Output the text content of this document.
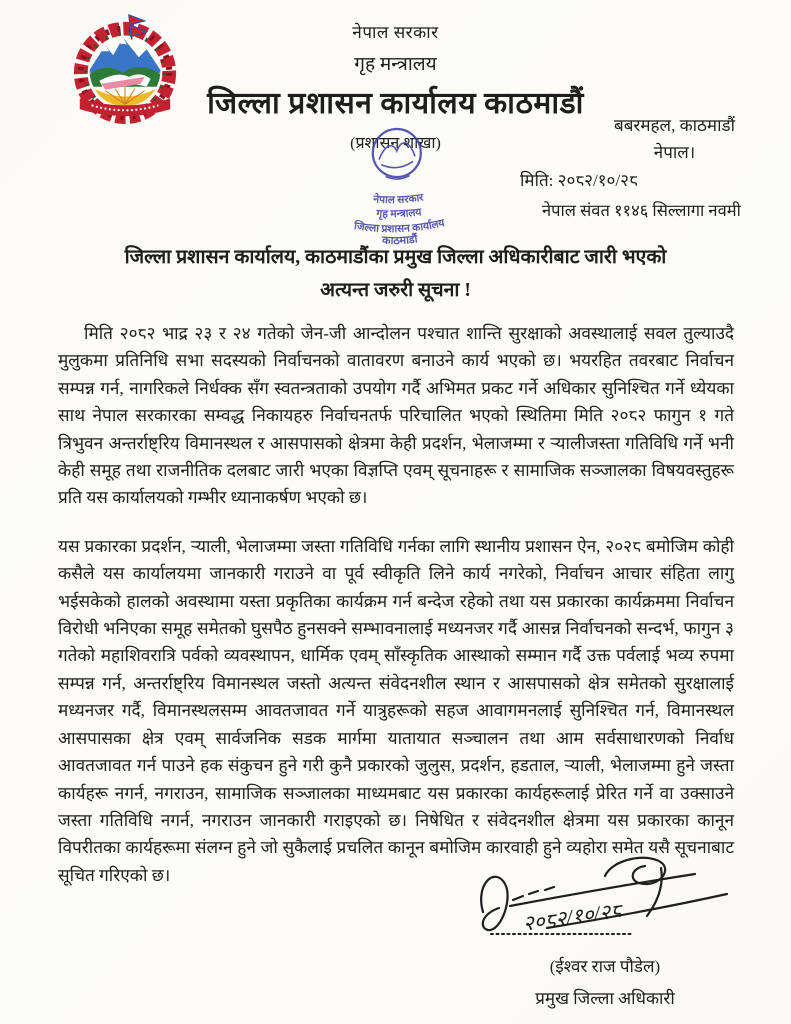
नेपाल सरकार
गृह मन्त्रालय
जिल्ला प्रशासन कार्यालय काठमाडौं
(प्रशासन शाखा)
बबरमहल, काठमाडौं
नेपाल।
मिति: २०८२/१०/२८
नेपाल संवत ११४६ सिल्लागा नवमी
नेपाल सरकार
गृह मन्त्रालय
जिल्ला प्रशासन कार्यालय
काठमाडौं
जिल्ला प्रशासन कार्यालय, काठमाडौंका प्रमुख जिल्ला अधिकारीबाट जारी भएको
अत्यन्त जरुरी सूचना !

मिति २०८२ भाद्र २३ र २४ गतेको जेन-जी आन्दोलन पश्चात शान्ति सुरक्षाको अवस्थालाई सवल तुल्याउदै मुलुकमा प्रतिनिधि सभा सदस्यको निर्वाचनको वातावरण बनाउने कार्य भएको छ। भयरहित तवरबाट निर्वाचन सम्पन्न गर्न, नागरिकले निर्धक्क सँग स्वतन्त्रताको उपयोग गर्दै अभिमत प्रकट गर्ने अधिकार सुनिश्चित गर्ने ध्येयका साथ नेपाल सरकारका सम्वद्ध निकायहरु निर्वाचनतर्फ परिचालित भएको स्थितिमा मिति २०८२ फागुन १ गते त्रिभुवन अन्तर्राष्ट्रिय विमानस्थल र आसपासको क्षेत्रमा केही प्रदर्शन, भेलाजम्मा र ऱ्यालीजस्ता गतिविधि गर्ने भनी केही समूह तथा राजनीतिक दलबाट जारी भएका विज्ञप्ति एवम् सूचनाहरू र सामाजिक सञ्जालका विषयवस्तुहरू प्रति यस कार्यालयको गम्भीर ध्यानाकर्षण भएको छ।

यस प्रकारका प्रदर्शन, ऱ्याली, भेलाजम्मा जस्ता गतिविधि गर्नका लागि स्थानीय प्रशासन ऐन, २०२८ बमोजिम कोही कसैले यस कार्यालयमा जानकारी गराउने वा पूर्व स्वीकृति लिने कार्य नगरेको, निर्वाचन आचार संहिता लागु भईसकेको हालको अवस्थामा यस्ता प्रकृतिका कार्यक्रम गर्न बन्देज रहेको तथा यस प्रकारका कार्यक्रममा निर्वाचन विरोधी भनिएका समूह समेतको घुसपैठ हुनसक्ने सम्भावनालाई मध्यनजर गर्दै आसन्न निर्वाचनको सन्दर्भ, फागुन ३ गतेको महाशिवरात्रि पर्वको व्यवस्थापन, धार्मिक एवम् साँस्कृतिक आस्थाको सम्मान गर्दै उक्त पर्वलाई भव्य रुपमा सम्पन्न गर्न, अन्तर्राष्ट्रिय विमानस्थल जस्तो अत्यन्त संवेदनशील स्थान र आसपासको क्षेत्र समेतको सुरक्षालाई मध्यनजर गर्दै, विमानस्थलसम्म आवतजावत गर्ने यात्रुहरूको सहज आवागमनलाई सुनिश्चित गर्न, विमानस्थल आसपासका क्षेत्र एवम् सार्वजनिक सडक मार्गमा यातायात सञ्चालन तथा आम सर्वसाधारणको निर्वाध आवतजावत गर्न पाउने हक संकुचन हुने गरी कुनै प्रकारको जुलुस, प्रदर्शन, हडताल, ऱ्याली, भेलाजम्मा हुने जस्ता कार्यहरू नगर्न, नगराउन, सामाजिक सञ्जालका माध्यमबाट यस प्रकारका कार्यहरूलाई प्रेरित गर्ने वा उक्साउने जस्ता गतिविधि नगर्न, नगराउन जानकारी गराइएको छ। निषेधित र संवेदनशील क्षेत्रमा यस प्रकारका कानून विपरीतका कार्यहरूमा संलग्न हुने जो सुकैलाई प्रचलित कानून बमोजिम कारवाही हुने व्यहोरा समेत यसै सूचनाबाट सूचित गरिएको छ।

२०८२/१०/२८
(ईश्वर राज पौडेल)
प्रमुख जिल्ला अधिकारी
